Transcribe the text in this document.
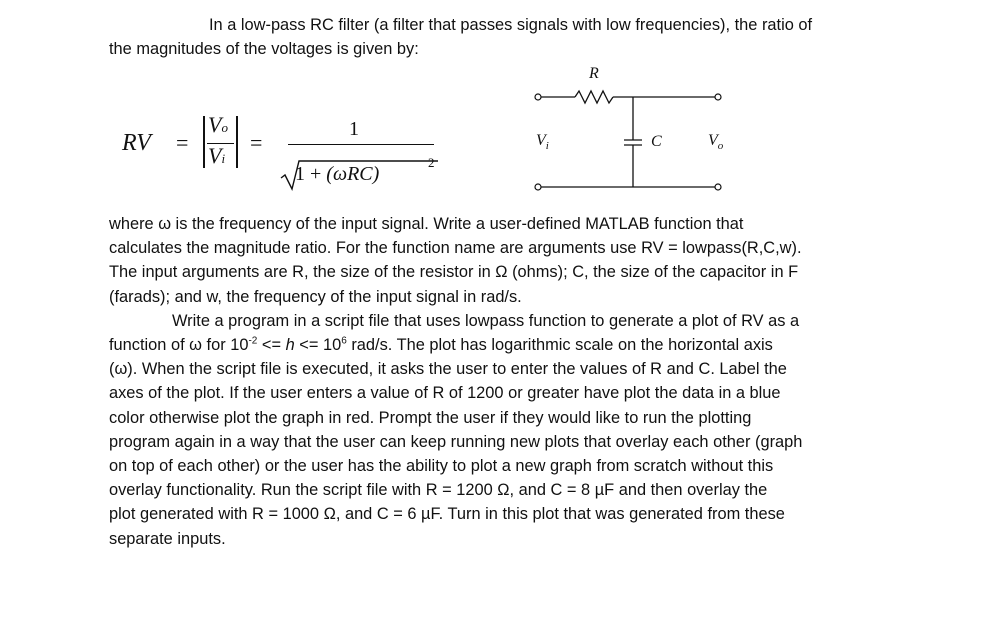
In a low-pass RC filter (a filter that passes signals with low frequencies), the ratio of
the magnitudes of the voltages is given by:

RV =
Vo
Vi
=
1
1 + (ωRC)
2
R
C
$V_i$	$V_o$

where ω is the frequency of the input signal. Write a user-defined MATLAB function that
calculates the magnitude ratio. For the function name are arguments use RV = lowpass(R,C,w).
The input arguments are R, the size of the resistor in Ω (ohms); C, the size of the capacitor in F
(farads); and w, the frequency of the input signal in rad/s.
Write a program in a script file that uses lowpass function to generate a plot of RV as a
function of ω for $10^{-2} <= h <= 10^6$ rad/s. The plot has logarithmic scale on the horizontal axis
(ω). When the script file is executed, it asks the user to enter the values of R and C. Label the
axes of the plot. If the user enters a value of R of 1200 or greater have plot the data in a blue
color otherwise plot the graph in red. Prompt the user if they would like to run the plotting
program again in a way that the user can keep running new plots that overlay each other (graph
on top of each other) or the user has the ability to plot a new graph from scratch without this
overlay functionality. Run the script file with R = 1200 Ω, and C = 8 µF and then overlay the
plot generated with R = 1000 Ω, and C = 6 µF. Turn in this plot that was generated from these
separate inputs.
